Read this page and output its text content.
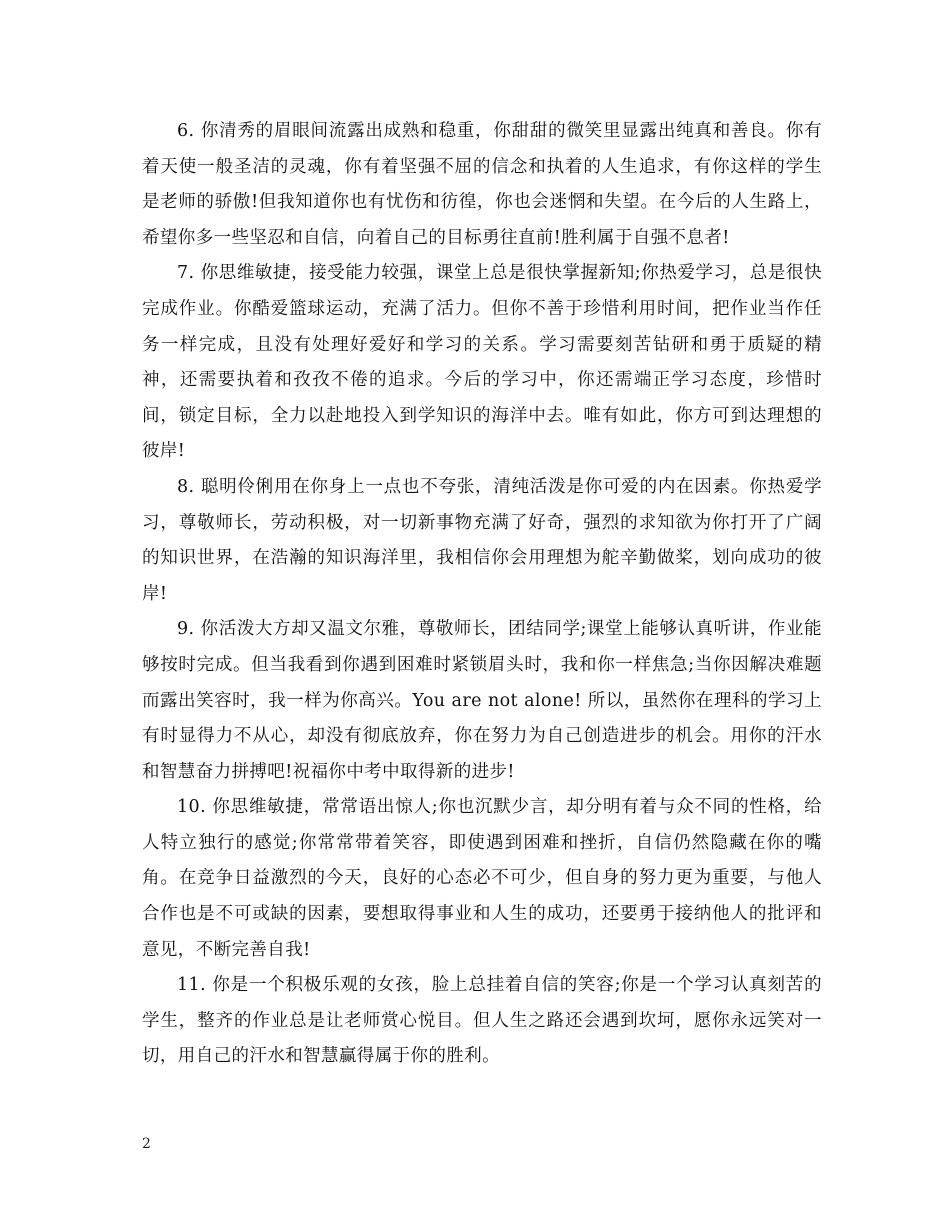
6. 你清秀的眉眼间流露出成熟和稳重，你甜甜的微笑里显露出纯真和善良。你有着天使一般圣洁的灵魂，你有着坚强不屈的信念和执着的人生追求，有你这样的学生是老师的骄傲!但我知道你也有忧伤和彷徨，你也会迷惘和失望。在今后的人生路上，希望你多一些坚忍和自信，向着自己的目标勇往直前!胜利属于自强不息者!

7. 你思维敏捷，接受能力较强，课堂上总是很快掌握新知;你热爱学习，总是很快完成作业。你酷爱篮球运动，充满了活力。但你不善于珍惜利用时间，把作业当作任务一样完成，且没有处理好爱好和学习的关系。学习需要刻苦钻研和勇于质疑的精神，还需要执着和孜孜不倦的追求。今后的学习中，你还需端正学习态度，珍惜时间，锁定目标，全力以赴地投入到学知识的海洋中去。唯有如此，你方可到达理想的彼岸!

8. 聪明伶俐用在你身上一点也不夸张，清纯活泼是你可爱的内在因素。你热爱学习，尊敬师长，劳动积极，对一切新事物充满了好奇，强烈的求知欲为你打开了广阔的知识世界，在浩瀚的知识海洋里，我相信你会用理想为舵辛勤做桨，划向成功的彼岸!

9. 你活泼大方却又温文尔雅，尊敬师长，团结同学;课堂上能够认真听讲，作业能够按时完成。但当我看到你遇到困难时紧锁眉头时，我和你一样焦急;当你因解决难题而露出笑容时，我一样为你高兴。You are not alone! 所以，虽然你在理科的学习上有时显得力不从心，却没有彻底放弃，你在努力为自己创造进步的机会。用你的汗水和智慧奋力拼搏吧!祝福你中考中取得新的进步!

10. 你思维敏捷，常常语出惊人;你也沉默少言，却分明有着与众不同的性格，给人特立独行的感觉;你常常带着笑容，即使遇到困难和挫折，自信仍然隐藏在你的嘴角。在竞争日益激烈的今天，良好的心态必不可少，但自身的努力更为重要，与他人合作也是不可或缺的因素，要想取得事业和人生的成功，还要勇于接纳他人的批评和意见，不断完善自我!

11. 你是一个积极乐观的女孩，脸上总挂着自信的笑容;你是一个学习认真刻苦的学生，整齐的作业总是让老师赏心悦目。但人生之路还会遇到坎坷，愿你永远笑对一切，用自己的汗水和智慧赢得属于你的胜利。

2
